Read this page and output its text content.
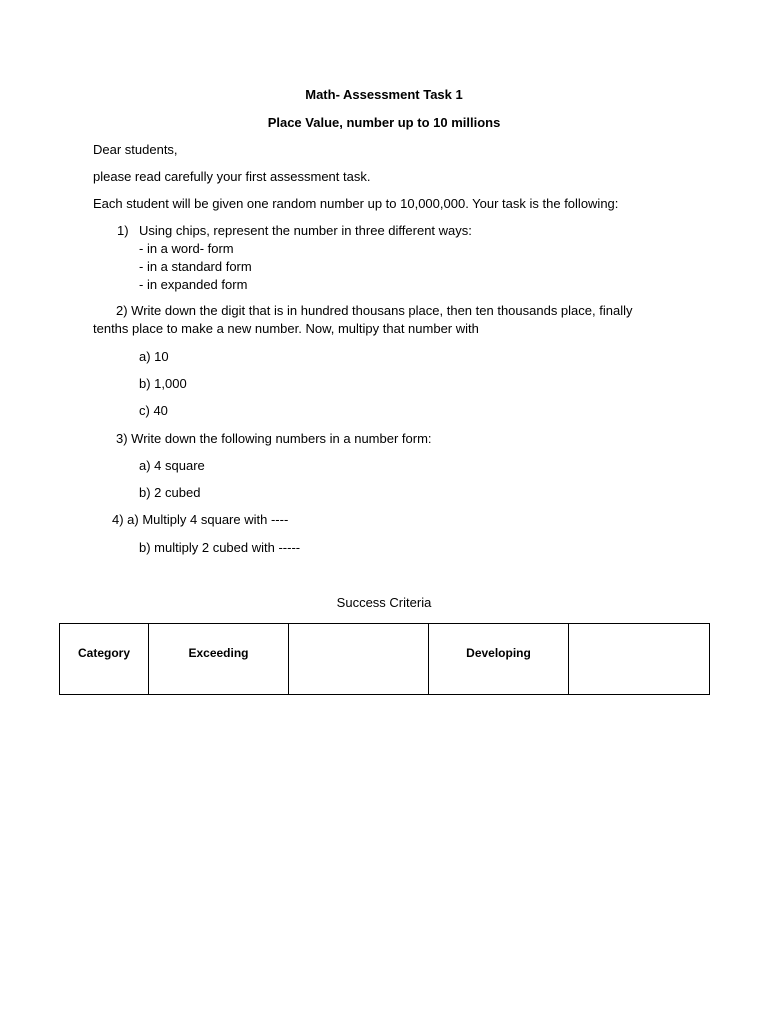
Math- Assessment Task 1
Place Value, number up to 10 millions
Dear students,
please read carefully your first assessment task.
Each student will be given one random number up to 10,000,000. Your task is the following:
1) Using chips, represent the number in three different ways:
- in a word- form
- in a standard form
- in expanded form
2) Write down the digit that is in hundred thousans place, then ten thousands place, finally
tenths place to make a new number. Now, multipy that number with
a) 10
b) 1,000
c) 40
3) Write down the following numbers in a number form:
a) 4 square
b) 2 cubed
4) a) Multiply 4 square with ----
b) multiply 2 cubed with -----
Success Criteria
Category	Exceeding		Developing	
